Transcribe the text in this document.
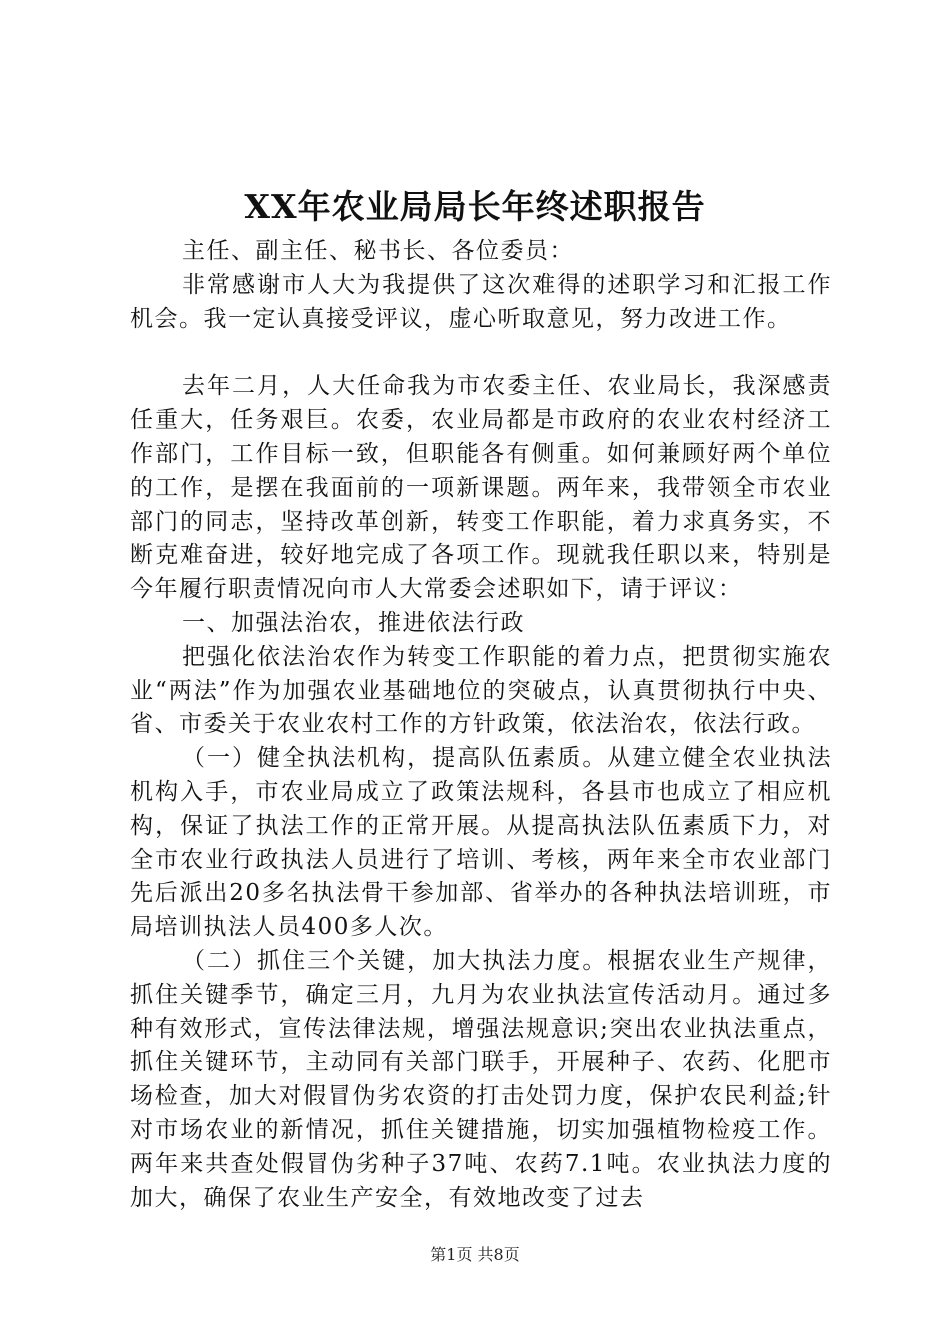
XX年农业局局长年终述职报告

主任、副主任、秘书长、各位委员：

非常感谢市人大为我提供了这次难得的述职学习和汇报工作机会。我一定认真接受评议，虚心听取意见，努力改进工作。

去年二月，人大任命我为市农委主任、农业局长，我深感责任重大，任务艰巨。农委，农业局都是市政府的农业农村经济工作部门，工作目标一致，但职能各有侧重。如何兼顾好两个单位的工作，是摆在我面前的一项新课题。两年来，我带领全市农业部门的同志，坚持改革创新，转变工作职能，着力求真务实，不断克难奋进，较好地完成了各项工作。现就我任职以来，特别是今年履行职责情况向市人大常委会述职如下，请于评议：

一、加强法治农，推进依法行政

把强化依法治农作为转变工作职能的着力点，把贯彻实施农业“两法”作为加强农业基础地位的突破点，认真贯彻执行中央、省、市委关于农业农村工作的方针政策，依法治农，依法行政。

（一）健全执法机构，提高队伍素质。从建立健全农业执法机构入手，市农业局成立了政策法规科，各县市也成立了相应机构，保证了执法工作的正常开展。从提高执法队伍素质下力，对全市农业行政执法人员进行了培训、考核，两年来全市农业部门先后派出20多名执法骨干参加部、省举办的各种执法培训班，市局培训执法人员400多人次。

（二）抓住三个关键，加大执法力度。根据农业生产规律，抓住关键季节，确定三月，九月为农业执法宣传活动月。通过多种有效形式，宣传法律法规，增强法规意识;突出农业执法重点，抓住关键环节，主动同有关部门联手，开展种子、农药、化肥市场检查，加大对假冒伪劣农资的打击处罚力度，保护农民利益;针对市场农业的新情况，抓住关键措施，切实加强植物检疫工作。两年来共查处假冒伪劣种子37吨、农药7.1吨。农业执法力度的加大，确保了农业生产安全，有效地改变了过去

第1页 共8页
